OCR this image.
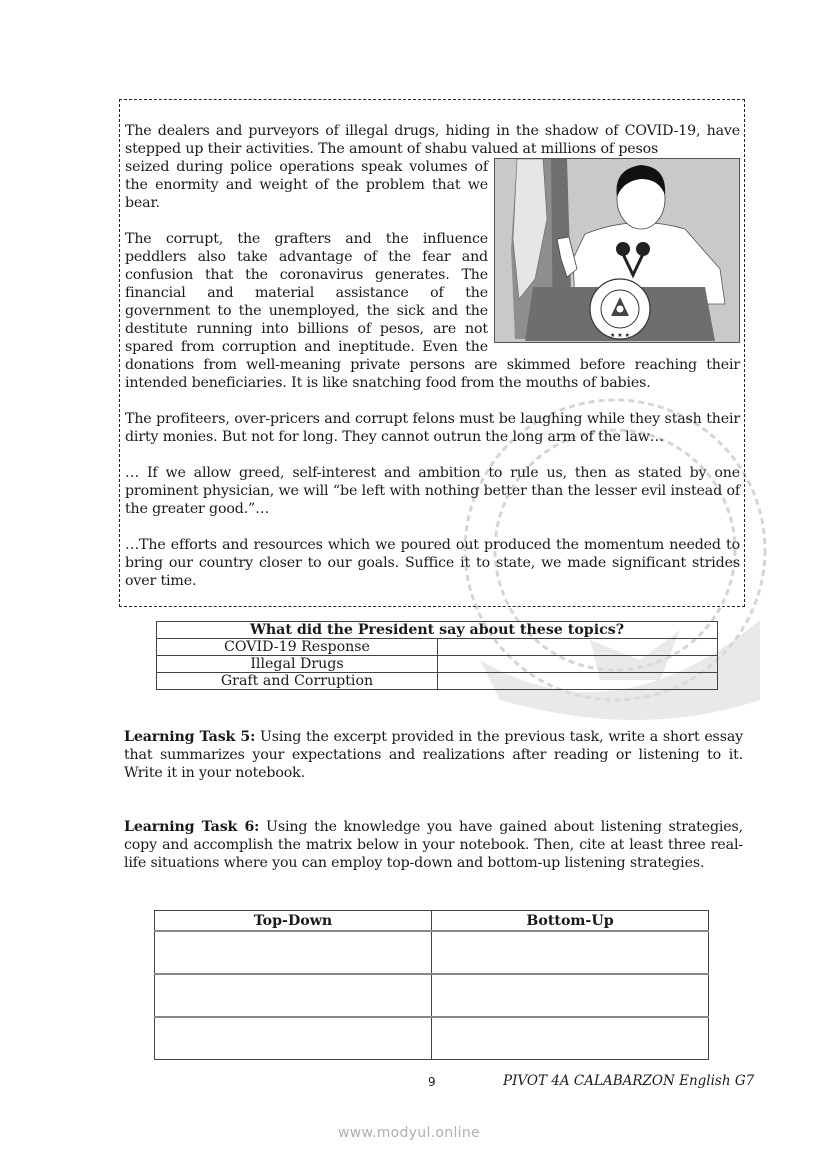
The dealers and purveyors of illegal drugs, hiding in the shadow of COVID-19, have stepped up their activities. The amount of shabu valued at millions of pesos

★ ★ ★

seized during police operations speak volumes of the enormity and weight of the problem that we bear.

The corrupt, the grafters and the influence peddlers also take advantage of the fear and confusion that the coronavirus generates. The financial and material assistance of the government to the unemployed, the sick and the destitute running into billions of pesos, are not spared from corruption and ineptitude. Even the donations from well-meaning private persons are skimmed before reaching their intended beneficiaries. It is like snatching food from the mouths of babies.

The profiteers, over-pricers and corrupt felons must be laughing while they stash their dirty monies. But not for long. They cannot outrun the long arm of the law…

… If we allow greed, self-interest and ambition to rule us, then as stated by one prominent physician, we will “be left with nothing better than the lesser evil instead of the greater good.”…

…The efforts and resources which we poured out produced the momentum needed to bring our country closer to our goals. Suffice it to state, we made significant strides over time.

What did the President say about these topics?	
COVID-19 Response	
Illegal Drugs	
Graft and Corruption	

Learning Task 5: Using the excerpt provided in the previous task, write a short essay that summarizes your expectations and realizations after reading or listening to it. Write it in your notebook.

Learning Task 6: Using the knowledge you have gained about listening strategies, copy and accomplish the matrix below in your notebook. Then, cite at least three real-life situations where you can employ top-down and bottom-up listening strategies.

Top-Down	Bottom-Up

9	PIVOT 4A CALABARZON English G7
www.modyul.online
